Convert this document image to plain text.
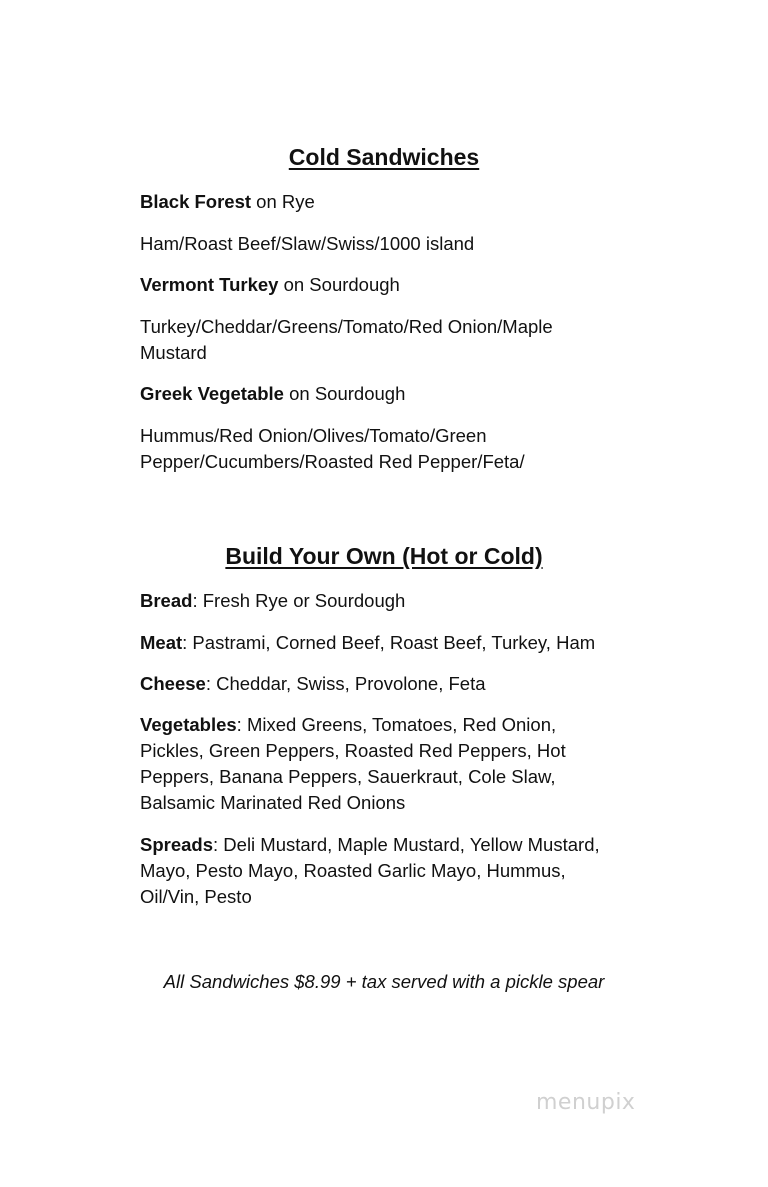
Cold Sandwiches

Black Forest on Rye

Ham/Roast Beef/Slaw/Swiss/1000 island

Vermont Turkey on Sourdough

Turkey/Cheddar/Greens/Tomato/Red Onion/Maple

Mustard

Greek Vegetable on Sourdough

Hummus/Red Onion/Olives/Tomato/Green

Pepper/Cucumbers/Roasted Red Pepper/Feta/

Build Your Own (Hot or Cold)

Bread: Fresh Rye or Sourdough

Meat: Pastrami, Corned Beef, Roast Beef, Turkey, Ham

Cheese: Cheddar, Swiss, Provolone, Feta

Vegetables: Mixed Greens, Tomatoes, Red Onion,

Pickles, Green Peppers, Roasted Red Peppers, Hot

Peppers, Banana Peppers, Sauerkraut, Cole Slaw,

Balsamic Marinated Red Onions

Spreads: Deli Mustard, Maple Mustard, Yellow Mustard,

Mayo, Pesto Mayo, Roasted Garlic Mayo, Hummus,

Oil/Vin, Pesto

All Sandwiches $8.99 + tax served with a pickle spear

menupix
